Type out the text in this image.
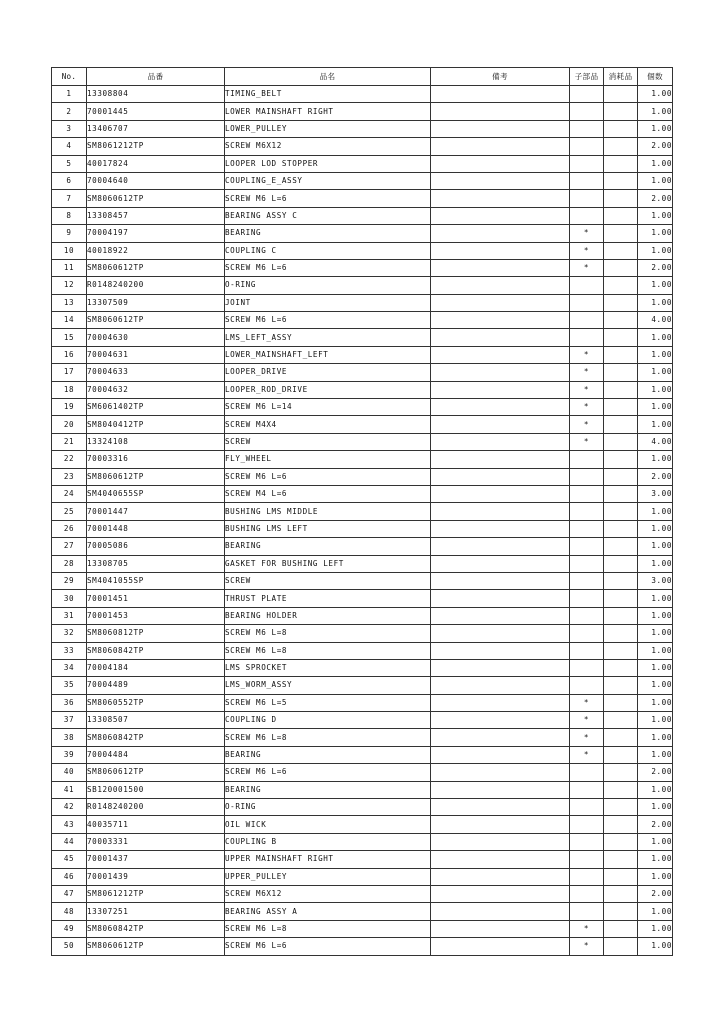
No.	品番	品名	備考	子部品	消耗品	個数
1	13308804	TIMING_BELT				1.00
2	70001445	LOWER MAINSHAFT RIGHT				1.00
3	13406707	LOWER_PULLEY				1.00
4	SM8061212TP	SCREW M6X12				2.00
5	40017824	LOOPER LOD STOPPER				1.00
6	70004640	COUPLING_E_ASSY				1.00
7	SM8060612TP	SCREW M6 L=6				2.00
8	13308457	BEARING ASSY C				1.00
9	70004197	BEARING		*		1.00
10	40018922	COUPLING C		*		1.00
11	SM8060612TP	SCREW M6 L=6		*		2.00
12	R0148240200	O-RING				1.00
13	13307509	JOINT				1.00
14	SM8060612TP	SCREW M6 L=6				4.00
15	70004630	LMS_LEFT_ASSY				1.00
16	70004631	LOWER_MAINSHAFT_LEFT		*		1.00
17	70004633	LOOPER_DRIVE		*		1.00
18	70004632	LOOPER_ROD_DRIVE		*		1.00
19	SM6061402TP	SCREW M6 L=14		*		1.00
20	SM8040412TP	SCREW M4X4		*		1.00
21	13324108	SCREW		*		4.00
22	70003316	FLY_WHEEL				1.00
23	SM8060612TP	SCREW M6 L=6				2.00
24	SM4040655SP	SCREW M4 L=6				3.00
25	70001447	BUSHING LMS MIDDLE				1.00
26	70001448	BUSHING LMS LEFT				1.00
27	70005086	BEARING				1.00
28	13308705	GASKET FOR BUSHING LEFT				1.00
29	SM4041055SP	SCREW				3.00
30	70001451	THRUST PLATE				1.00
31	70001453	BEARING HOLDER				1.00
32	SM8060812TP	SCREW M6 L=8				1.00
33	SM8060842TP	SCREW M6 L=8				1.00
34	70004184	LMS SPROCKET				1.00
35	70004489	LMS_WORM_ASSY				1.00
36	SM8060552TP	SCREW M6 L=5		*		1.00
37	13308507	COUPLING D		*		1.00
38	SM8060842TP	SCREW M6 L=8		*		1.00
39	70004484	BEARING		*		1.00
40	SM8060612TP	SCREW M6 L=6				2.00
41	SB120001500	BEARING				1.00
42	R0148240200	O-RING				1.00
43	40035711	OIL WICK				2.00
44	70003331	COUPLING B				1.00
45	70001437	UPPER MAINSHAFT RIGHT				1.00
46	70001439	UPPER_PULLEY				1.00
47	SM8061212TP	SCREW M6X12				2.00
48	13307251	BEARING ASSY A				1.00
49	SM8060842TP	SCREW M6 L=8		*		1.00
50	SM8060612TP	SCREW M6 L=6		*		1.00
